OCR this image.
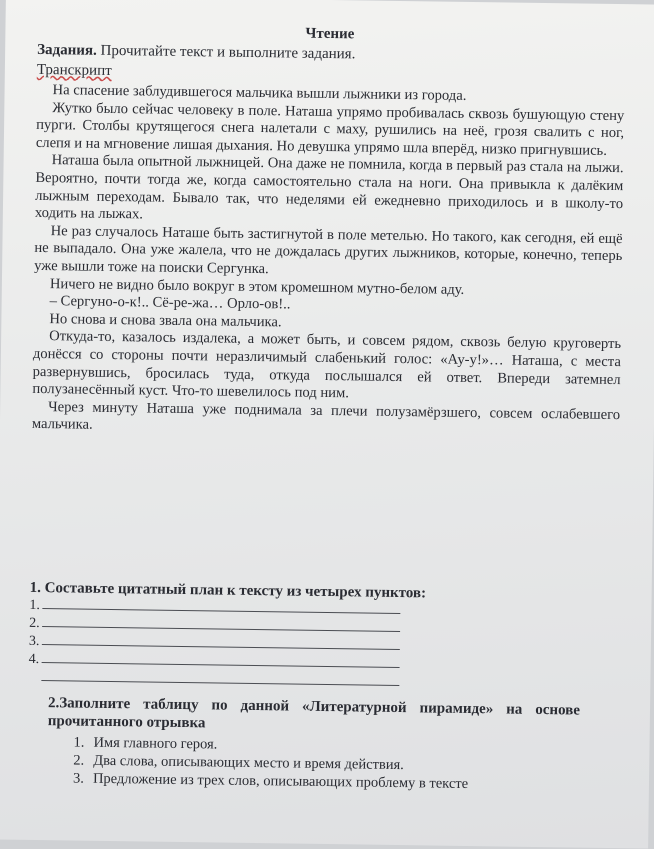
Чтение
Задания. Прочитайте текст и выполните задания.
Транскрипт

На спасение заблудившегося мальчика вышли лыжники из города.

Жутко было сейчас человеку в поле. Наташа упрямо пробивалась сквозь бушующую стену пурги. Столбы крутящегося снега налетали с маху, рушились на неё, грозя свалить с ног, слепя и на мгновение лишая дыхания. Но девушка упрямо шла вперёд, низко пригнувшись.

Наташа была опытной лыжницей. Она даже не помнила, когда в первый раз стала на лыжи. Вероятно, почти тогда же, когда самостоятельно стала на ноги. Она привыкла к далёким лыжным переходам. Бывало так, что неделями ей ежедневно приходилось и в школу-то ходить на лыжах.

Не раз случалось Наташе быть застигнутой в поле метелью. Но такого, как сегодня, ей ещё не выпадало. Она уже жалела, что не дождалась других лыжников, которые, конечно, теперь уже вышли тоже на поиски Сергунка.

Ничего не видно было вокруг в этом кромешном мутно-белом аду.

– Сергуно-о-к!.. Сё-ре-жа… Орло-ов!..

Но снова и снова звала она мальчика.

Откуда-то, казалось издалека, а может быть, и совсем рядом, сквозь белую круговерть донёсся со стороны почти неразличимый слабенький голос: «Ау-у!»… Наташа, с места развернувшись, бросилась туда, откуда послышался ей ответ. Впереди затемнел полузанесённый куст. Что-то шевелилось под ним.

Через минуту Наташа уже поднимала за плечи полузамёрзшего, совсем ослабевшего мальчика.

1. Составьте цитатный план к тексту из четырех пунктов:
1.
2.
3.
4.
2.Заполните таблицу по данной «Литературной пирамиде» на основе прочитанного отрывка
1. Имя главного героя.
2. Два слова, описывающих место и время действия.
3. Предложение из трех слов, описывающих проблему в тексте
